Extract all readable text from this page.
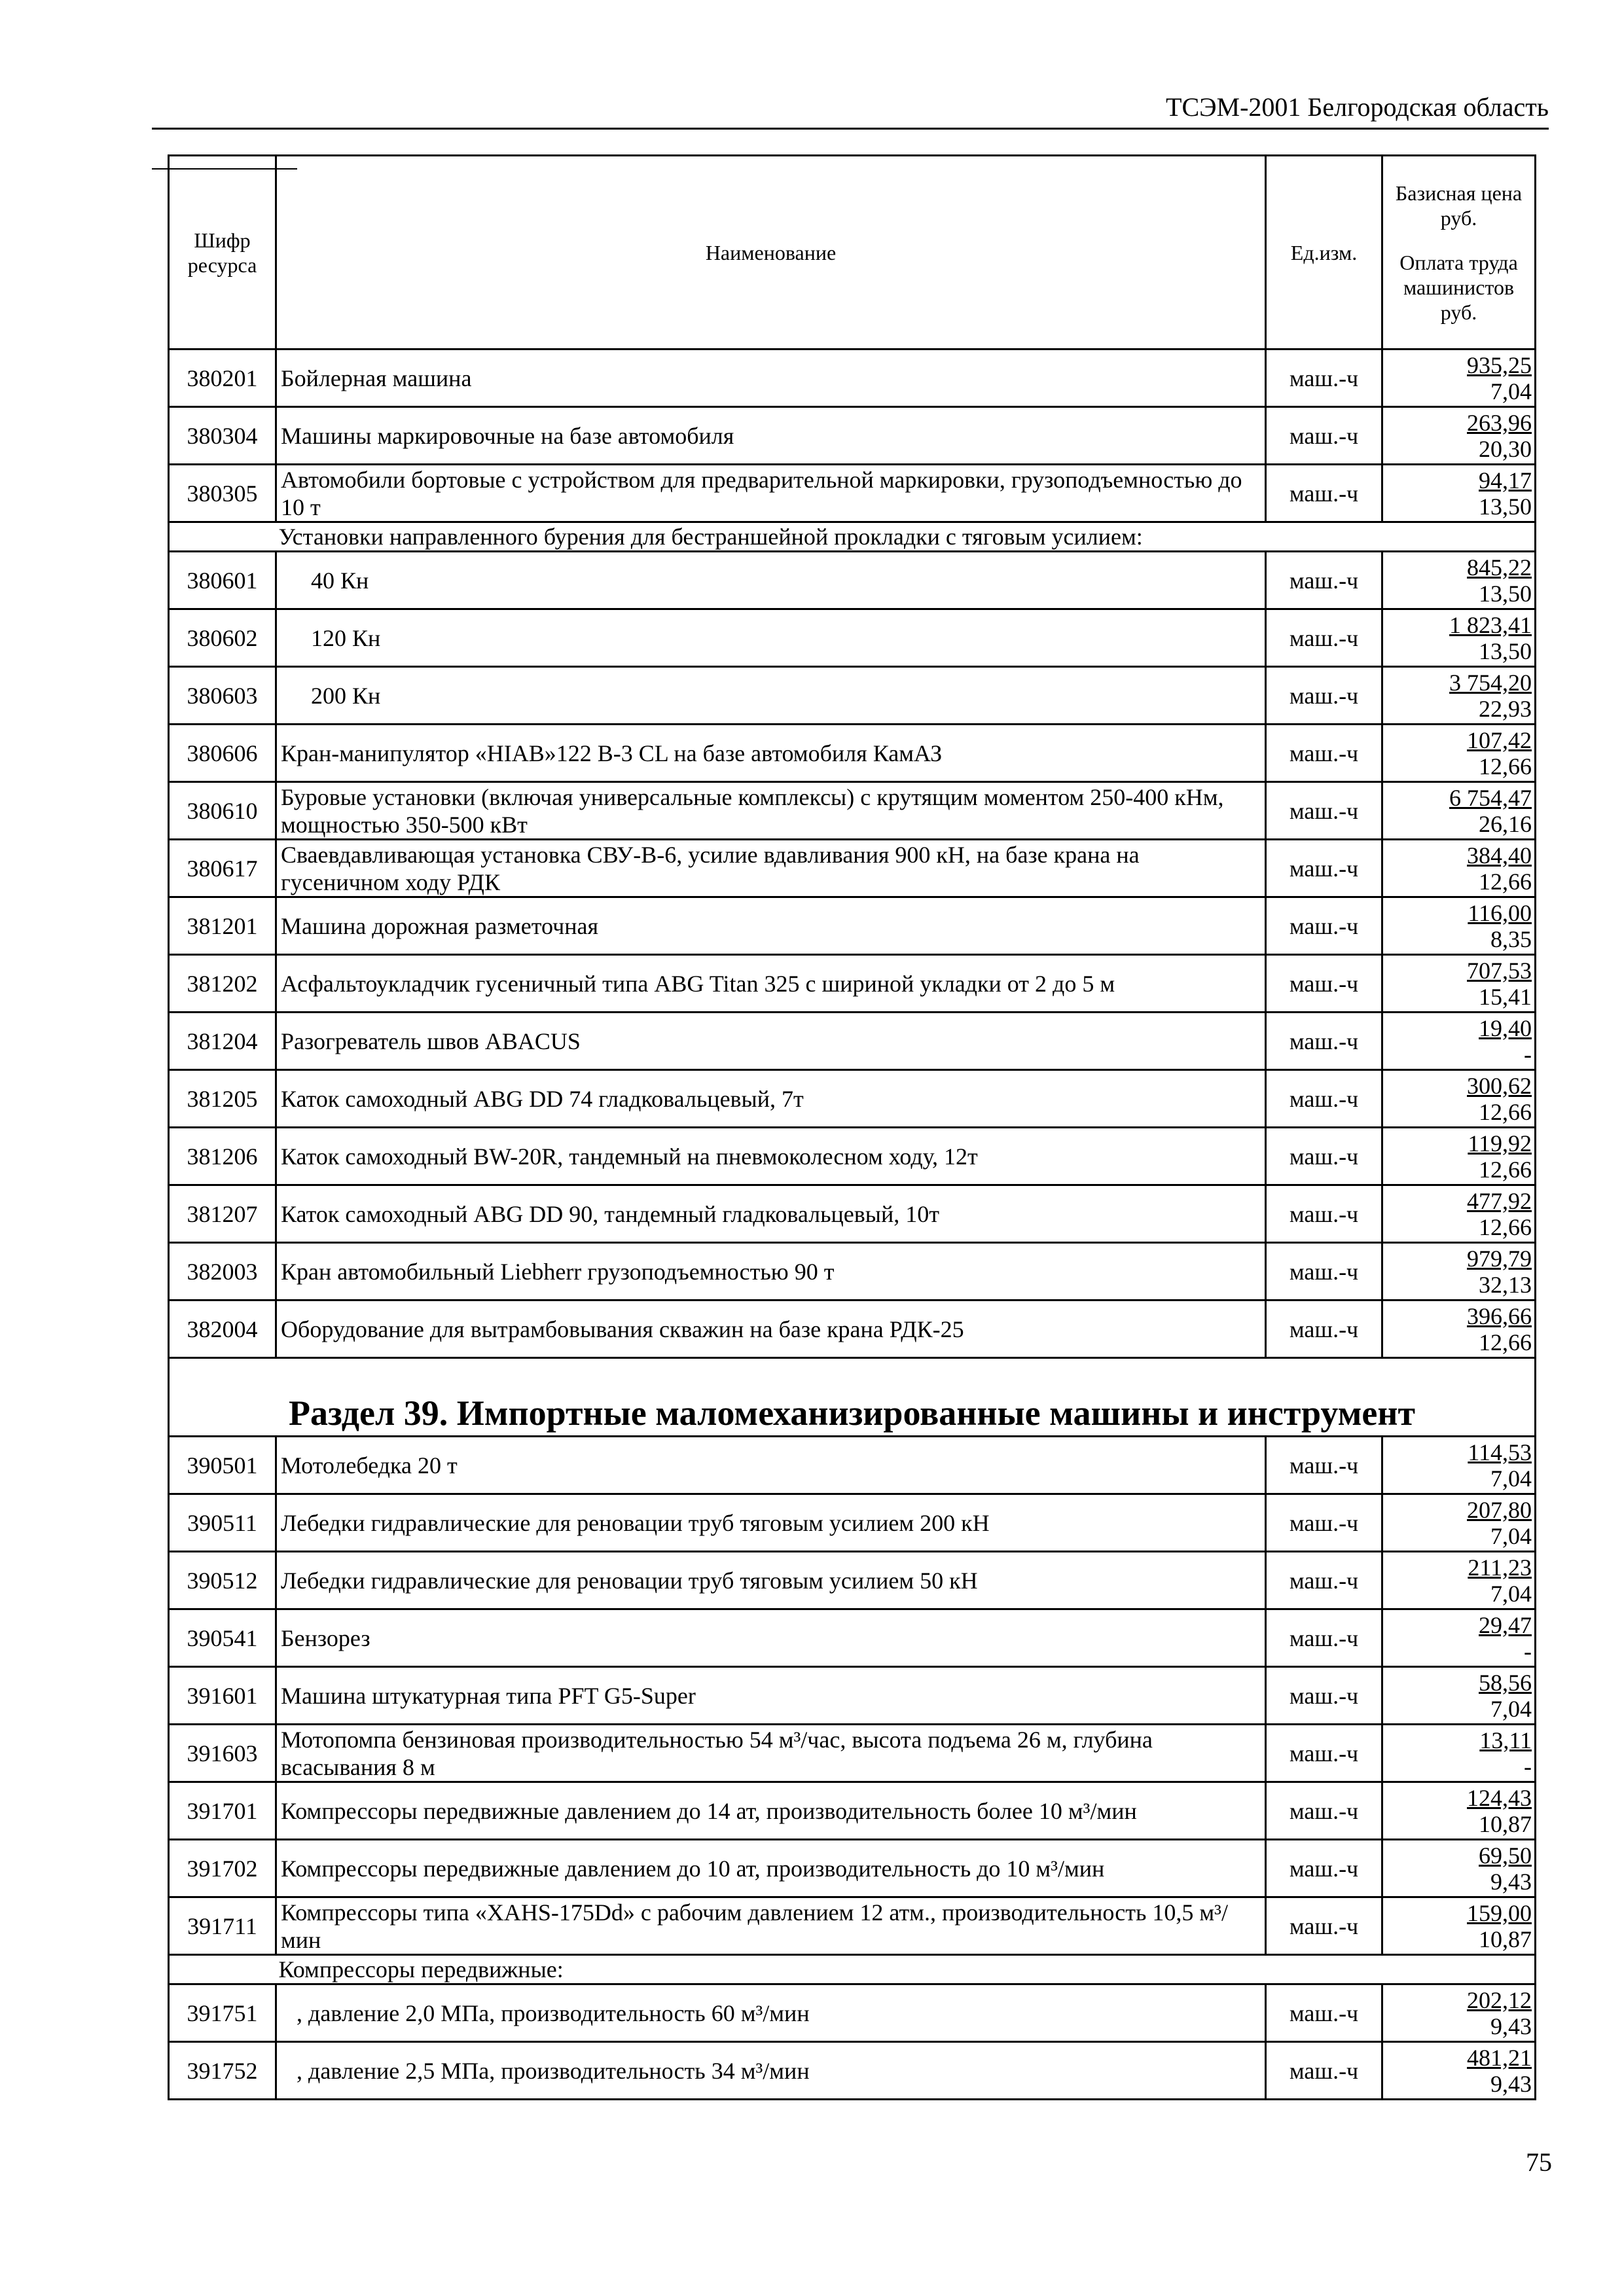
ТСЭМ-2001 Белгородская область
Шифр ресурса	Наименование	Ед.изм.	Базисная цена руб.
Оплата труда машинистов руб.

380201	Бойлерная машина	маш.-ч	935,25
7,04

380304	Машины маркировочные на базе автомобиля	маш.-ч	263,96
20,30

380305	Автомобили бортовые с устройством для предварительной маркировки, грузоподъемностью до 10 т	маш.-ч	94,17
13,50

	Установки направленного бурения для бестраншейной прокладки с тяговым усилием:		
380601	40 Кн	маш.-ч	845,22
13,50

380602	120 Кн	маш.-ч	1 823,41
13,50

380603	200 Кн	маш.-ч	3 754,20
22,93

380606	Кран-манипулятор «HIAB»122 B-3 CL на базе автомобиля КамАЗ	маш.-ч	107,42
12,66

380610	Буровые установки (включая универсальные комплексы) с крутящим моментом 250-400 кНм, мощностью 350-500 кВт	маш.-ч	6 754,47
26,16

380617	Сваевдавливающая установка СВУ-В-6, усилие вдавливания 900 кН, на базе крана на гусеничном ходу РДК	маш.-ч	384,40
12,66

381201	Машина дорожная разметочная	маш.-ч	116,00
8,35

381202	Асфальтоукладчик гусеничный типа ABG Titan 325 с шириной укладки от 2 до 5 м	маш.-ч	707,53
15,41

381204	Разогреватель швов ABACUS	маш.-ч	19,40
-

381205	Каток самоходный ABG DD 74 гладковальцевый, 7т	маш.-ч	300,62
12,66

381206	Каток самоходный BW-20R, тандемный на пневмоколесном ходу, 12т	маш.-ч	119,92
12,66

381207	Каток самоходный ABG DD 90, тандемный гладковальцевый, 10т	маш.-ч	477,92
12,66

382003	Кран автомобильный Liebherr грузоподъемностью 90 т	маш.-ч	979,79
32,13

382004	Оборудование для вытрамбовывания скважин на базе крана РДК-25	маш.-ч	396,66
12,66

Раздел 39. Импортные маломеханизированные машины и инструмент			
390501	Мотолебедка 20 т	маш.-ч	114,53
7,04

390511	Лебедки гидравлические для реновации труб тяговым усилием 200 кН	маш.-ч	207,80
7,04

390512	Лебедки гидравлические для реновации труб тяговым усилием 50 кН	маш.-ч	211,23
7,04

390541	Бензорез	маш.-ч	29,47
-

391601	Машина штукатурная типа PFT G5-Super	маш.-ч	58,56
7,04

391603	Мотопомпа бензиновая производительностью 54 м³/час, высота подъема 26 м, глубина всасывания 8 м	маш.-ч	13,11
-

391701	Компрессоры передвижные давлением до 14 ат, производительность более 10 м³/мин	маш.-ч	124,43
10,87

391702	Компрессоры передвижные давлением до 10 ат, производительность до 10 м³/мин	маш.-ч	69,50
9,43

391711	Компрессоры типа «XAHS-175Dd» с рабочим давлением 12 атм., производительность 10,5 м³/мин	маш.-ч	159,00
10,87

	Компрессоры передвижные:		
391751	, давление 2,0 МПа, производительность 60 м³/мин	маш.-ч	202,12
9,43

391752	, давление 2,5 МПа, производительность 34 м³/мин	маш.-ч	481,21
9,43
75
